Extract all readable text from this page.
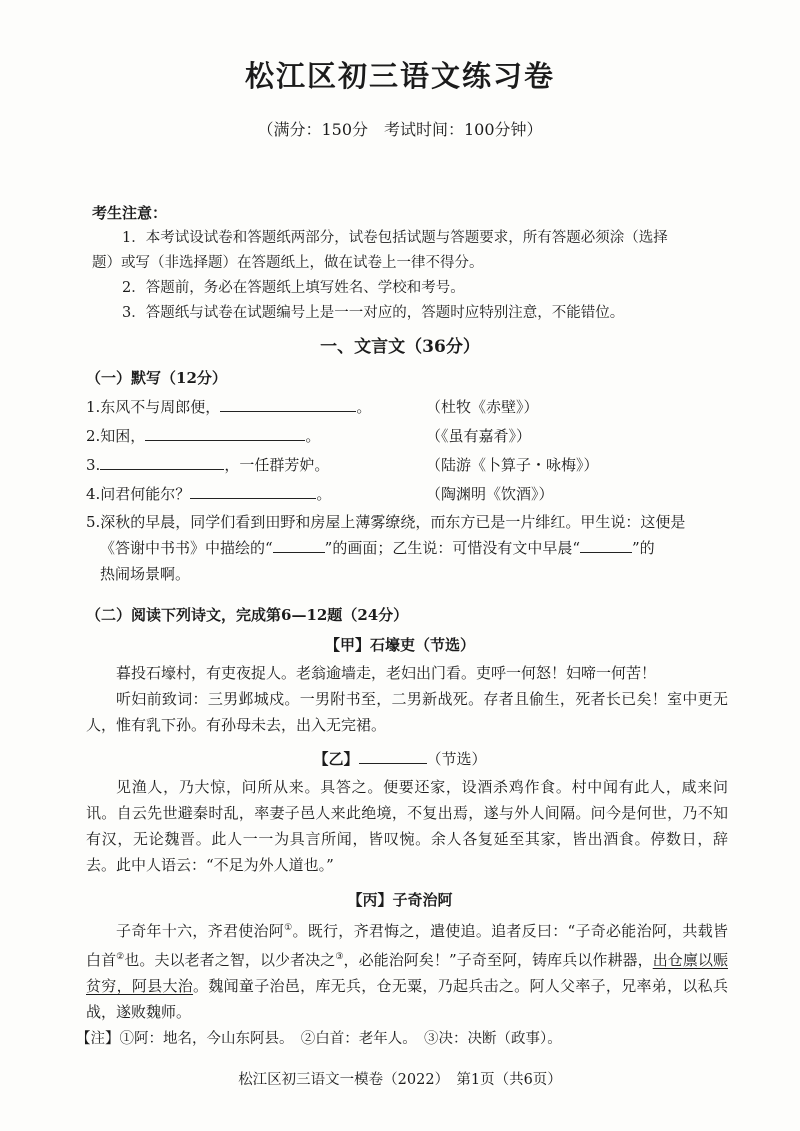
松江区初三语文练习卷
（满分：150分　考试时间：100分钟）
考生注意：

1．本考试设试卷和答题纸两部分，试卷包括试题与答题要求，所有答题必须涂（选择

题）或写（非选择题）在答题纸上，做在试卷上一律不得分。

2．答题前，务必在答题纸上填写姓名、学校和考号。

3．答题纸与试卷在试题编号上是一一对应的，答题时应特别注意，不能错位。

一、文言文（36分）
（一）默写（12分）
1.东风不与周郎便，	。	（杜牧《赤壁》）
2.知困，	。	（《虽有嘉肴》）
3.	，一任群芳妒。	（陆游《卜算子・咏梅》）
4.问君何能尔？	。	（陶渊明《饮酒》）
5.深秋的早晨，同学们看到田野和房屋上薄雾缭绕，而东方已是一片绯红。甲生说：这便是
《答谢中书书》中描绘的“	”的画面；乙生说：可惜没有文中早晨“	”的
热闹场景啊。
（二）阅读下列诗文，完成第6—12题（24分）
【甲】石壕吏（节选）

暮投石壕村，有吏夜捉人。老翁逾墙走，老妇出门看。吏呼一何怒！妇啼一何苦！

听妇前致词：三男邺城戍。一男附书至，二男新战死。存者且偷生，死者长已矣！室中更无人，惟有乳下孙。有孙母未去，出入无完裙。

【乙】	（节选）

见渔人，乃大惊，问所从来。具答之。便要还家，设酒杀鸡作食。村中闻有此人，咸来问讯。自云先世避秦时乱，率妻子邑人来此绝境，不复出焉，遂与外人间隔。问今是何世，乃不知有汉，无论魏晋。此人一一为具言所闻，皆叹惋。余人各复延至其家，皆出酒食。停数日，辞去。此中人语云：“不足为外人道也。”

【丙】子奇治阿

子奇年十六，齐君使治阿①。既行，齐君悔之，遣使追。追者反曰：“子奇必能治阿，共载皆白首②也。夫以老者之智，以少者决之③，必能治阿矣！”子奇至阿，铸库兵以作耕器，出仓廪以赈贫穷，阿县大治。魏闻童子治邑，库无兵，仓无粟，乃起兵击之。阿人父率子，兄率弟，以私兵战，遂败魏师。

【注】①阿：地名，今山东阿县。　②白首：老年人。　③决：决断（政事）。
松江区初三语文一模卷（2022）　第1页（共6页）
